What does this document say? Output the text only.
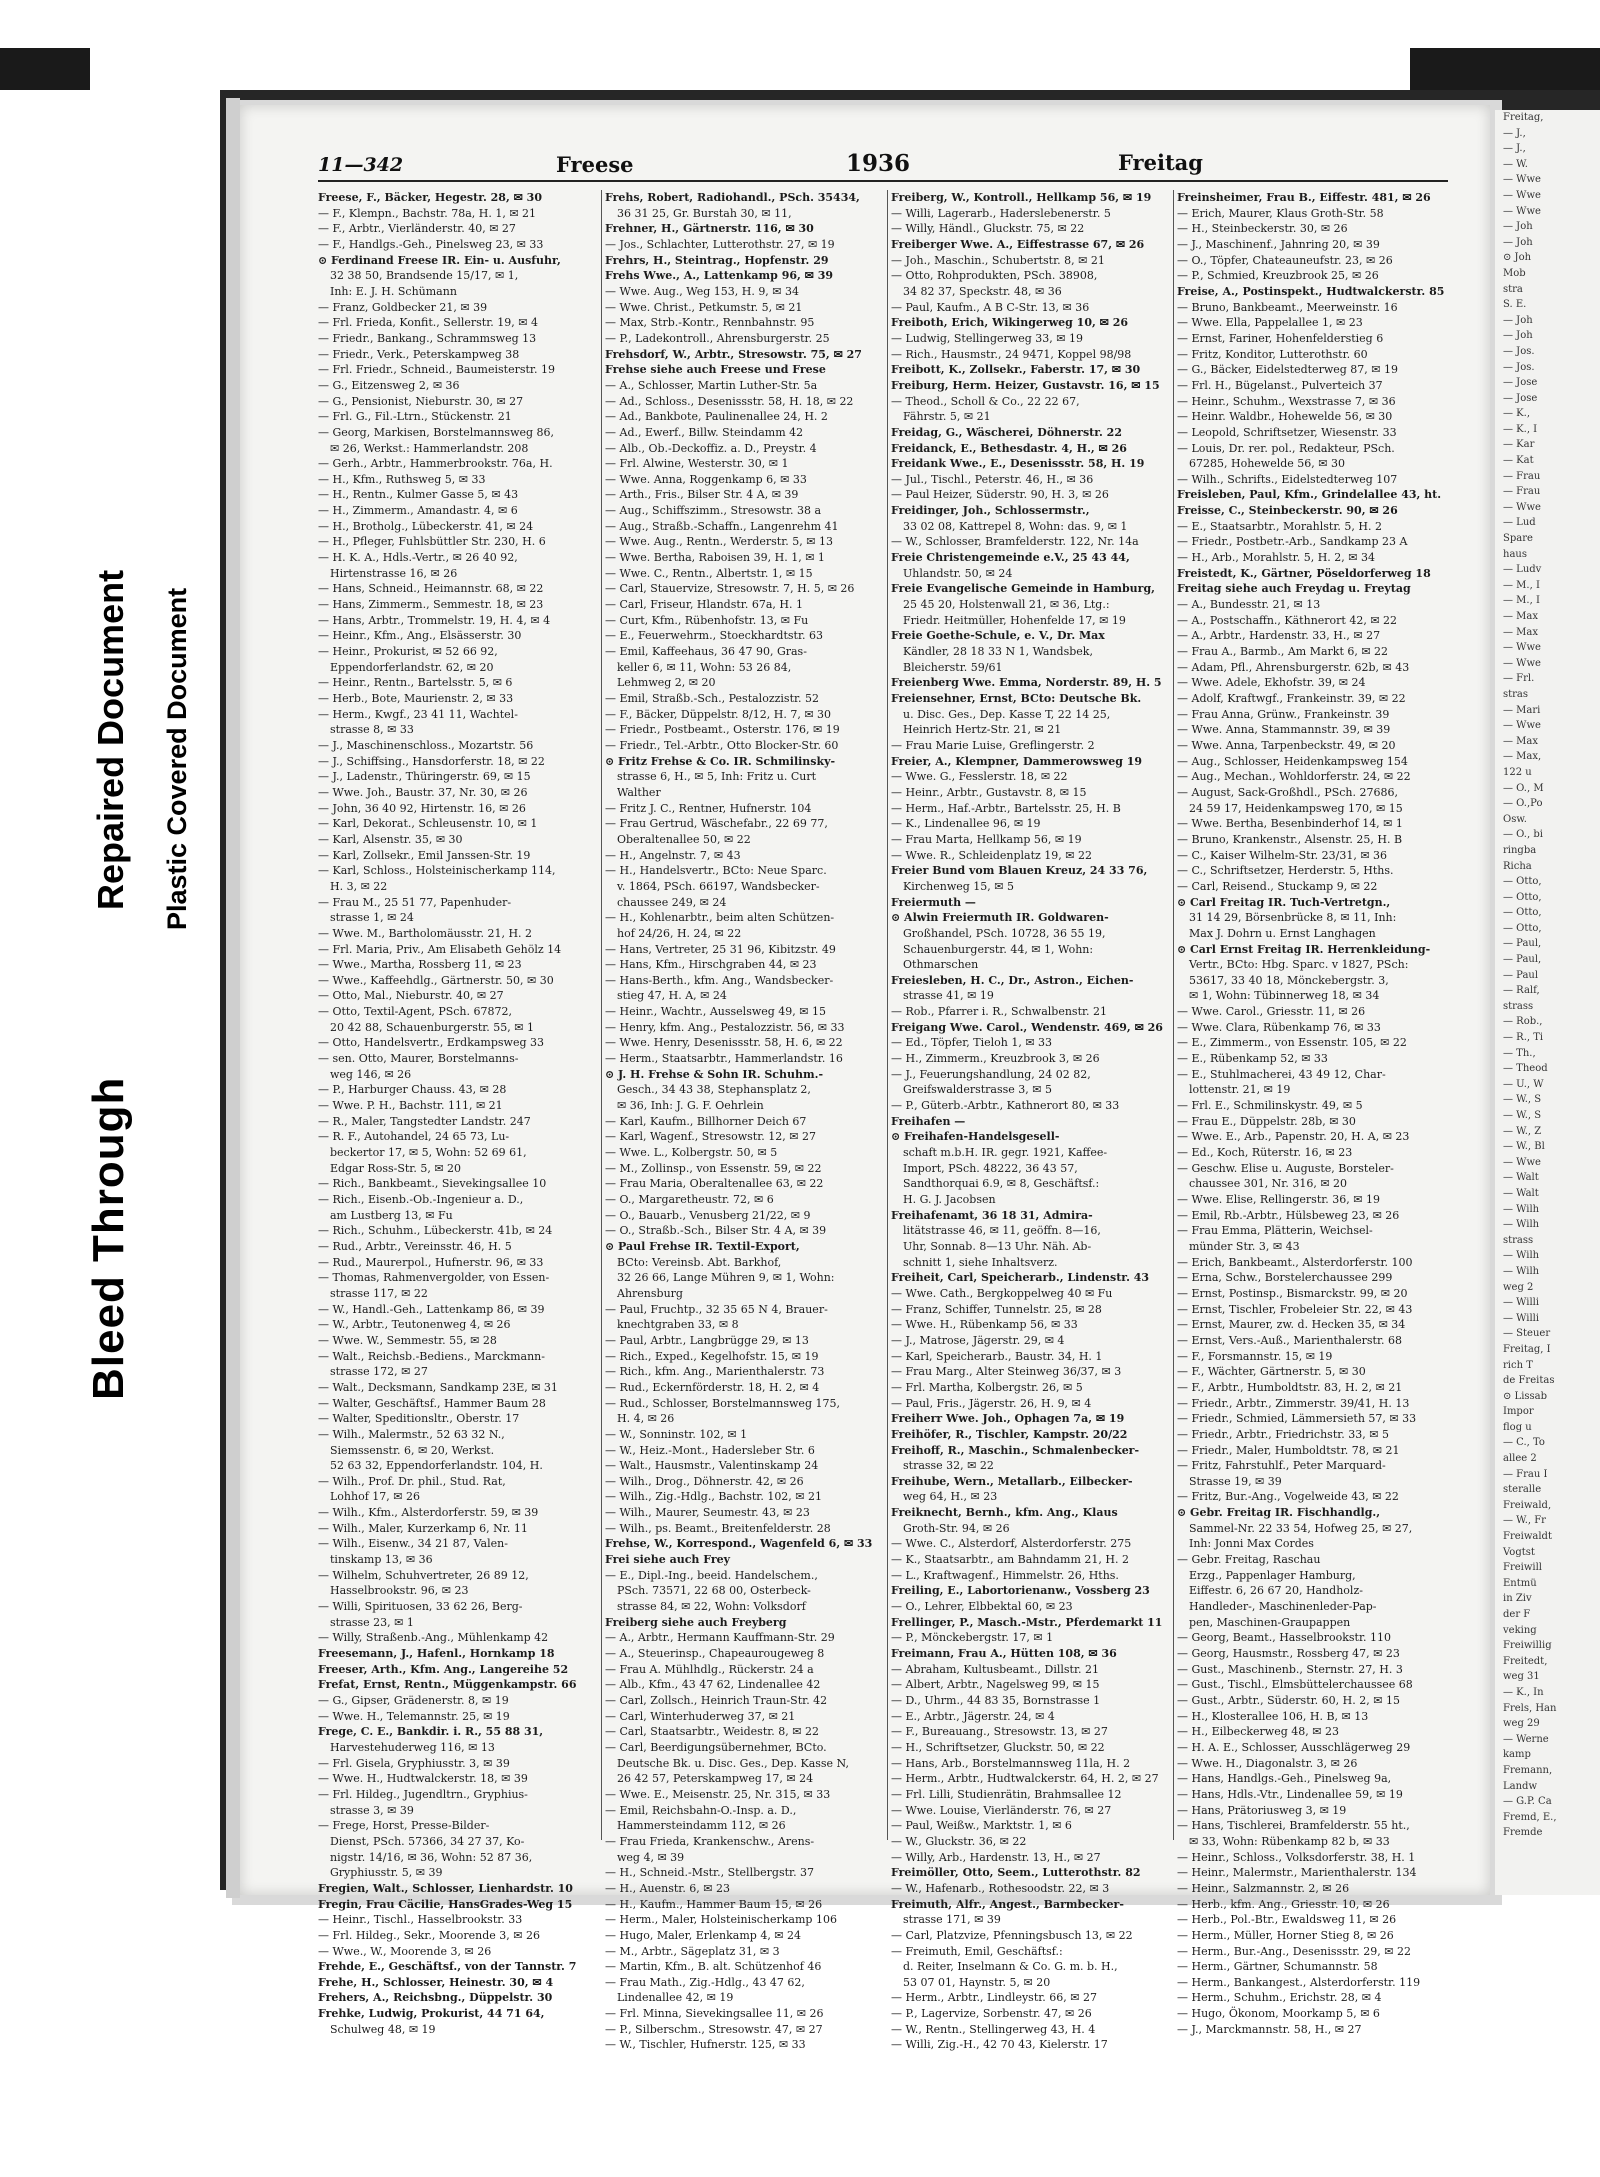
Freitag,
— J.,
— J.,
— W.
— Wwe
— Wwe
— Wwe
— Joh
— Joh
⊙ Joh
Mob
stra
S. E.
— Joh
— Joh
— Jos.
— Jos.
— Jose
— Jose
— K.,
— K., I
— Kar
— Kat
— Frau
— Frau
— Wwe
— Lud
Spare
haus
— Ludv
— M., I
— M., I
— Max
— Max
— Wwe
— Wwe
— Frl.
stras
— Mari
— Wwe
— Max
— Max,
122 u
— O., M
— O.,Po
Osw.
— O., bi
ringba
Richa
— Otto,
— Otto,
— Otto,
— Otto,
— Paul,
— Paul,
— Paul
— Ralf,
strass
— Rob.,
— R., Ti
— Th.,
— Theod
— U., W
— W., S
— W., S
— W., Z
— W., Bl
— Wwe
— Walt
— Walt
— Wilh
— Wilh
strass
— Wilh
— Wilh
weg 2
— Willi
— Willi
— Steuer
Freitag, I
rich T
de Freitas
⊙ Lissab
Impor
flog u
— C., To
allee 2
— Frau I
steralle
Freiwald,
— W., Fr
Freiwaldt
Vogtst
Freiwill
Entmü
in Ziv
der F
veking
Freiwillig
Freitedt,
weg 31
— K., In
Frels, Han
weg 29
— Werne
kamp
Fremann,
Landw
— G.P. Ca
Fremd, E.,
Fremde
Bleed Through
Repaired Document Plastic Covered Document
11—342	Freese	1936	Freitag
Freese, F., Bäcker, Hegestr. 28, ✉ 30
— F., Klempn., Bachstr. 78a, H. 1, ✉ 21
— F., Arbtr., Vierländerstr. 40, ✉ 27
— F., Handlgs.-Geh., Pinelsweg 23, ✉ 33
⊙ Ferdinand Freese IR. Ein- u. Ausfuhr,
32 38 50, Brandsende 15/17, ✉ 1,
Inh: E. J. H. Schümann
— Franz, Goldbecker 21, ✉ 39
— Frl. Frieda, Konfit., Sellerstr. 19, ✉ 4
— Friedr., Bankang., Schrammsweg 13
— Friedr., Verk., Peterskampweg 38
— Frl. Friedr., Schneid., Baumeisterstr. 19
— G., Eitzensweg 2, ✉ 36
— G., Pensionist, Nieburstr. 30, ✉ 27
— Frl. G., Fil.-Ltrn., Stückenstr. 21
— Georg, Markisen, Borstelmannsweg 86,
✉ 26, Werkst.: Hammerlandstr. 208
— Gerh., Arbtr., Hammerbrookstr. 76a, H.
— H., Kfm., Ruthsweg 5, ✉ 33
— H., Rentn., Kulmer Gasse 5, ✉ 43
— H., Zimmerm., Amandastr. 4, ✉ 6
— H., Brotholg., Lübeckerstr. 41, ✉ 24
— H., Pfleger, Fuhlsbüttler Str. 230, H. 6
— H. K. A., Hdls.-Vertr., ✉ 26 40 92,
Hirtenstrasse 16, ✉ 26
— Hans, Schneid., Heimannstr. 68, ✉ 22
— Hans, Zimmerm., Semmestr. 18, ✉ 23
— Hans, Arbtr., Trommelstr. 19, H. 4, ✉ 4
— Heinr., Kfm., Ang., Elsässerstr. 30
— Heinr., Prokurist, ✉ 52 66 92,
Eppendorferlandstr. 62, ✉ 20
— Heinr., Rentn., Bartelsstr. 5, ✉ 6
— Herb., Bote, Maurienstr. 2, ✉ 33
— Herm., Kwgf., 23 41 11, Wachtel-
strasse 8, ✉ 33
— J., Maschinenschloss., Mozartstr. 56
— J., Schiffsing., Hansdorferstr. 18, ✉ 22
— J., Ladenstr., Thüringerstr. 69, ✉ 15
— Wwe. Joh., Baustr. 37, Nr. 30, ✉ 26
— John, 36 40 92, Hirtenstr. 16, ✉ 26
— Karl, Dekorat., Schleusenstr. 10, ✉ 1
— Karl, Alsenstr. 35, ✉ 30
— Karl, Zollsekr., Emil Janssen-Str. 19
— Karl, Schloss., Holsteinischerkamp 114,
H. 3, ✉ 22
— Frau M., 25 51 77, Papenhuder-
strasse 1, ✉ 24
— Wwe. M., Bartholomäusstr. 21, H. 2
— Frl. Maria, Priv., Am Elisabeth Gehölz 14
— Wwe., Martha, Rossberg 11, ✉ 23
— Wwe., Kaffeehdlg., Gärtnerstr. 50, ✉ 30
— Otto, Mal., Nieburstr. 40, ✉ 27
— Otto, Textil-Agent, PSch. 67872,
20 42 88, Schauenburgerstr. 55, ✉ 1
— Otto, Handelsvertr., Erdkampsweg 33
— sen. Otto, Maurer, Borstelmanns-
weg 146, ✉ 26
— P., Harburger Chauss. 43, ✉ 28
— Wwe. P. H., Bachstr. 111, ✉ 21
— R., Maler, Tangstedter Landstr. 247
— R. F., Autohandel, 24 65 73, Lu-
beckertor 17, ✉ 5, Wohn: 52 69 61,
Edgar Ross-Str. 5, ✉ 20
— Rich., Bankbeamt., Sievekingsallee 10
— Rich., Eisenb.-Ob.-Ingenieur a. D.,
am Lustberg 13, ✉ Fu
— Rich., Schuhm., Lübeckerstr. 41b, ✉ 24
— Rud., Arbtr., Vereinsstr. 46, H. 5
— Rud., Maurerpol., Hufnerstr. 96, ✉ 33
— Thomas, Rahmenvergolder, von Essen-
strasse 117, ✉ 22
— W., Handl.-Geh., Lattenkamp 86, ✉ 39
— W., Arbtr., Teutonenweg 4, ✉ 26
— Wwe. W., Semmestr. 55, ✉ 28
— Walt., Reichsb.-Bediens., Marckmann-
strasse 172, ✉ 27
— Walt., Decksmann, Sandkamp 23E, ✉ 31
— Walter, Geschäftsf., Hammer Baum 28
— Walter, Speditionsltr., Oberstr. 17
— Wilh., Malermstr., 52 63 32 N.,
Siemssenstr. 6, ✉ 20, Werkst.
52 63 32, Eppendorferlandstr. 104, H.
— Wilh., Prof. Dr. phil., Stud. Rat,
Lohhof 17, ✉ 26
— Wilh., Kfm., Alsterdorferstr. 59, ✉ 39
— Wilh., Maler, Kurzerkamp 6, Nr. 11
— Wilh., Eisenw., 34 21 87, Valen-
tinskamp 13, ✉ 36
— Wilhelm, Schuhvertreter, 26 89 12,
Hasselbrookstr. 96, ✉ 23
— Willi, Spirituosen, 33 62 26, Berg-
strasse 23, ✉ 1
— Willy, Straßenb.-Ang., Mühlenkamp 42
Freesemann, J., Hafenl., Hornkamp 18
Freeser, Arth., Kfm. Ang., Langereihe 52
Frefat, Ernst, Rentn., Müggenkampstr. 66
— G., Gipser, Grädenerstr. 8, ✉ 19
— Wwe. H., Telemannstr. 25, ✉ 19
Frege, C. E., Bankdir. i. R., 55 88 31,
Harvestehuderweg 116, ✉ 13
— Frl. Gisela, Gryphiusstr. 3, ✉ 39
— Wwe. H., Hudtwalckerstr. 18, ✉ 39
— Frl. Hildeg., Jugendltrn., Gryphius-
strasse 3, ✉ 39
— Frege, Horst, Presse-Bilder-
Dienst, PSch. 57366, 34 27 37, Ko-
nigstr. 14/16, ✉ 36, Wohn: 52 87 36,
Gryphiusstr. 5, ✉ 39
Fregien, Walt., Schlosser, Lienhardstr. 10
Fregin, Frau Cäcilie, HansGrades-Weg 15
— Heinr., Tischl., Hasselbrookstr. 33
— Frl. Hildeg., Sekr., Moorende 3, ✉ 26
— Wwe., W., Moorende 3, ✉ 26
Frehde, E., Geschäftsf., von der Tannstr. 7
Frehe, H., Schlosser, Heinestr. 30, ✉ 4
Frehers, A., Reichsbng., Düppelstr. 30
Frehke, Ludwig, Prokurist, 44 71 64,
Schulweg 48, ✉ 19
Frehs, Robert, Radiohandl., PSch. 35434,
36 31 25, Gr. Burstah 30, ✉ 11,
Frehner, H., Gärtnerstr. 116, ✉ 30
— Jos., Schlachter, Lutterothstr. 27, ✉ 19
Frehrs, H., Steintrag., Hopfenstr. 29
Frehs Wwe., A., Lattenkamp 96, ✉ 39
— Wwe. Aug., Weg 153, H. 9, ✉ 34
— Wwe. Christ., Petkumstr. 5, ✉ 21
— Max, Strb.-Kontr., Rennbahnstr. 95
— P., Ladekontroll., Ahrensburgerstr. 25
Frehsdorf, W., Arbtr., Stresowstr. 75, ✉ 27
Frehse siehe auch Freese und Frese
— A., Schlosser, Martin Luther-Str. 5a
— Ad., Schloss., Desenissstr. 58, H. 18, ✉ 22
— Ad., Bankbote, Paulinenallee 24, H. 2
— Ad., Ewerf., Billw. Steindamm 42
— Alb., Ob.-Deckoffiz. a. D., Preystr. 4
— Frl. Alwine, Westerstr. 30, ✉ 1
— Wwe. Anna, Roggenkamp 6, ✉ 33
— Arth., Fris., Bilser Str. 4 A, ✉ 39
— Aug., Schiffszimm., Stresowstr. 38 a
— Aug., Straßb.-Schaffn., Langenrehm 41
— Wwe. Aug., Rentn., Werderstr. 5, ✉ 13
— Wwe. Bertha, Raboisen 39, H. 1, ✉ 1
— Wwe. C., Rentn., Albertstr. 1, ✉ 15
— Carl, Stauervize, Stresowstr. 7, H. 5, ✉ 26
— Carl, Friseur, Hlandstr. 67a, H. 1
— Curt, Kfm., Rübenhofstr. 13, ✉ Fu
— E., Feuerwehrm., Stoeckhardtstr. 63
— Emil, Kaffeehaus, 36 47 90, Gras-
keller 6, ✉ 11, Wohn: 53 26 84,
Lehmweg 2, ✉ 20
— Emil, Straßb.-Sch., Pestalozzistr. 52
— F., Bäcker, Düppelstr. 8/12, H. 7, ✉ 30
— Friedr., Postbeamt., Osterstr. 176, ✉ 19
— Friedr., Tel.-Arbtr., Otto Blocker-Str. 60
⊙ Fritz Frehse & Co. IR. Schmilinsky-
strasse 6, H., ✉ 5, Inh: Fritz u. Curt
Walther
— Fritz J. C., Rentner, Hufnerstr. 104
— Frau Gertrud, Wäschefabr., 22 69 77,
Oberaltenallee 50, ✉ 22
— H., Angelnstr. 7, ✉ 43
— H., Handelsvertr., BCto: Neue Sparc.
v. 1864, PSch. 66197, Wandsbecker-
chaussee 249, ✉ 24
— H., Kohlenarbtr., beim alten Schützen-
hof 24/26, H. 24, ✉ 22
— Hans, Vertreter, 25 31 96, Kibitzstr. 49
— Hans, Kfm., Hirschgraben 44, ✉ 23
— Hans-Berth., kfm. Ang., Wandsbecker-
stieg 47, H. A, ✉ 24
— Heinr., Wachtr., Ausselsweg 49, ✉ 15
— Henry, kfm. Ang., Pestalozzistr. 56, ✉ 33
— Wwe. Henry, Desenissstr. 58, H. 6, ✉ 22
— Herm., Staatsarbtr., Hammerlandstr. 16
⊙ J. H. Frehse & Sohn IR. Schuhm.-
Gesch., 34 43 38, Stephansplatz 2,
✉ 36, Inh: J. G. F. Oehrlein
— Karl, Kaufm., Billhorner Deich 67
— Karl, Wagenf., Stresowstr. 12, ✉ 27
— Wwe. L., Kolbergstr. 50, ✉ 5
— M., Zollinsp., von Essenstr. 59, ✉ 22
— Frau Maria, Oberaltenallee 63, ✉ 22
— O., Margaretheustr. 72, ✉ 6
— O., Bauarb., Venusberg 21/22, ✉ 9
— O., Straßb.-Sch., Bilser Str. 4 A, ✉ 39
⊙ Paul Frehse IR. Textil-Export,
BCto: Vereinsb. Abt. Barkhof,
32 26 66, Lange Mühren 9, ✉ 1, Wohn:
Ahrensburg
— Paul, Fruchtp., 32 35 65 N 4, Brauer-
knechtgraben 33, ✉ 8
— Paul, Arbtr., Langbrügge 29, ✉ 13
— Rich., Exped., Kegelhofstr. 15, ✉ 19
— Rich., kfm. Ang., Marienthalerstr. 73
— Rud., Eckernförderstr. 18, H. 2, ✉ 4
— Rud., Schlosser, Borstelmannsweg 175,
H. 4, ✉ 26
— W., Sonninstr. 102, ✉ 1
— W., Heiz.-Mont., Hadersleber Str. 6
— Walt., Hausmstr., Valentinskamp 24
— Wilh., Drog., Döhnerstr. 42, ✉ 26
— Wilh., Zig.-Hdlg., Bachstr. 102, ✉ 21
— Wilh., Maurer, Seumestr. 43, ✉ 23
— Wilh., ps. Beamt., Breitenfelderstr. 28
Frehse, W., Korrespond., Wagenfeld 6, ✉ 33
Frei siehe auch Frey
— E., Dipl.-Ing., beeid. Handelschem.,
PSch. 73571, 22 68 00, Osterbeck-
strasse 84, ✉ 22, Wohn: Volksdorf
Freiberg siehe auch Freyberg
— A., Arbtr., Hermann Kauffmann-Str. 29
— A., Steuerinsp., Chapeaurougeweg 8
— Frau A. Mühlhdlg., Rückerstr. 24 a
— Alb., Kfm., 43 47 62, Lindenallee 42
— Carl, Zollsch., Heinrich Traun-Str. 42
— Carl, Winterhuderweg 37, ✉ 21
— Carl, Staatsarbtr., Weidestr. 8, ✉ 22
— Carl, Beerdigungsübernehmer, BCto.
Deutsche Bk. u. Disc. Ges., Dep. Kasse N,
26 42 57, Peterskampweg 17, ✉ 24
— Wwe. E., Meisenstr. 25, Nr. 315, ✉ 33
— Emil, Reichsbahn-O.-Insp. a. D.,
Hammersteindamm 112, ✉ 26
— Frau Frieda, Krankenschw., Arens-
weg 4, ✉ 39
— H., Schneid.-Mstr., Stellbergstr. 37
— H., Auenstr. 6, ✉ 23
— H., Kaufm., Hammer Baum 15, ✉ 26
— Herm., Maler, Holsteinischerkamp 106
— Hugo, Maler, Erlenkamp 4, ✉ 24
— M., Arbtr., Sägeplatz 31, ✉ 3
— Martin, Kfm., B. alt. Schützenhof 46
— Frau Math., Zig.-Hdlg., 43 47 62,
Lindenallee 42, ✉ 19
— Frl. Minna, Sievekingsallee 11, ✉ 26
— P., Silberschm., Stresowstr. 47, ✉ 27
— W., Tischler, Hufnerstr. 125, ✉ 33
Freiberg, W., Kontroll., Hellkamp 56, ✉ 19
— Willi, Lagerarb., Haderslebenerstr. 5
— Willy, Händl., Gluckstr. 75, ✉ 22
Freiberger Wwe. A., Eiffestrasse 67, ✉ 26
— Joh., Maschin., Schubertstr. 8, ✉ 21
— Otto, Rohprodukten, PSch. 38908,
34 82 37, Speckstr. 48, ✉ 36
— Paul, Kaufm., A B C-Str. 13, ✉ 36
Freiboth, Erich, Wikingerweg 10, ✉ 26
— Ludwig, Stellingerweg 33, ✉ 19
— Rich., Hausmstr., 24 9471, Koppel 98/98
Freibott, K., Zollsekr., Faberstr. 17, ✉ 30
Freiburg, Herm. Heizer, Gustavstr. 16, ✉ 15
— Theod., Scholl & Co., 22 22 67,
Fährstr. 5, ✉ 21
Freidag, G., Wäscherei, Döhnerstr. 22
Freidanck, E., Bethesdastr. 4, H., ✉ 26
Freidank Wwe., E., Desenissstr. 58, H. 19
— Jul., Tischl., Peterstr. 46, H., ✉ 36
— Paul Heizer, Süderstr. 90, H. 3, ✉ 26
Freidinger, Joh., Schlossermstr.,
33 02 08, Kattrepel 8, Wohn: das. 9, ✉ 1
— W., Schlosser, Bramfelderstr. 122, Nr. 14a
Freie Christengemeinde e.V., 25 43 44,
Uhlandstr. 50, ✉ 24
Freie Evangelische Gemeinde in Hamburg,
25 45 20, Holstenwall 21, ✉ 36, Ltg.:
Friedr. Heitmüller, Hohenfelde 17, ✉ 19
Freie Goethe-Schule, e. V., Dr. Max
Kändler, 28 18 33 N 1, Wandsbek,
Bleicherstr. 59/61
Freienberg Wwe. Emma, Norderstr. 89, H. 5
Freiensehner, Ernst, BCto: Deutsche Bk.
u. Disc. Ges., Dep. Kasse T, 22 14 25,
Heinrich Hertz-Str. 21, ✉ 21
— Frau Marie Luise, Greflingerstr. 2
Freier, A., Klempner, Dammerowsweg 19
— Wwe. G., Fesslerstr. 18, ✉ 22
— Heinr., Arbtr., Gustavstr. 8, ✉ 15
— Herm., Haf.-Arbtr., Bartelsstr. 25, H. B
— K., Lindenallee 96, ✉ 19
— Frau Marta, Hellkamp 56, ✉ 19
— Wwe. R., Schleidenplatz 19, ✉ 22
Freier Bund vom Blauen Kreuz, 24 33 76,
Kirchenweg 15, ✉ 5
Freiermuth —
⊙ Alwin Freiermuth IR. Goldwaren-
Großhandel, PSch. 10728, 36 55 19,
Schauenburgerstr. 44, ✉ 1, Wohn:
Othmarschen
Freiesleben, H. C., Dr., Astron., Eichen-
strasse 41, ✉ 19
— Rob., Pfarrer i. R., Schwalbenstr. 21
Freigang Wwe. Carol., Wendenstr. 469, ✉ 26
— Ed., Töpfer, Tieloh 1, ✉ 33
— H., Zimmerm., Kreuzbrook 3, ✉ 26
— J., Feuerungshandlung, 24 02 82,
Greifswalderstrasse 3, ✉ 5
— P., Güterb.-Arbtr., Kathnerort 80, ✉ 33
Freihafen —
⊙ Freihafen-Handelsgesell-
schaft m.b.H. IR. gegr. 1921, Kaffee-
Import, PSch. 48222, 36 43 57,
Sandthorquai 6.9, ✉ 8, Geschäftsf.:
H. G. J. Jacobsen
Freihafenamt, 36 18 31, Admira-
litätstrasse 46, ✉ 11, geöffn. 8—16,
Uhr, Sonnab. 8—13 Uhr. Näh. Ab-
schnitt 1, siehe Inhaltsverz.
Freiheit, Carl, Speicherarb., Lindenstr. 43
— Wwe. Cath., Bergkoppelweg 40 ✉ Fu
— Franz, Schiffer, Tunnelstr. 25, ✉ 28
— Wwe. H., Rübenkamp 56, ✉ 33
— J., Matrose, Jägerstr. 29, ✉ 4
— Karl, Speicherarb., Baustr. 34, H. 1
— Frau Marg., Alter Steinweg 36/37, ✉ 3
— Frl. Martha, Kolbergstr. 26, ✉ 5
— Paul, Fris., Jägerstr. 26, H. 9, ✉ 4
Freiherr Wwe. Joh., Ophagen 7a, ✉ 19
Freihöfer, R., Tischler, Kampstr. 20/22
Freihoff, R., Maschin., Schmalenbecker-
strasse 32, ✉ 22
Freihube, Wern., Metallarb., Eilbecker-
weg 64, H., ✉ 23
Freiknecht, Bernh., kfm. Ang., Klaus
Groth-Str. 94, ✉ 26
— Wwe. C., Alsterdorf, Alsterdorferstr. 275
— K., Staatsarbtr., am Bahndamm 21, H. 2
— L., Kraftwagenf., Himmelstr. 26, Hths.
Freiling, E., Labortorienanw., Vossberg 23
— O., Lehrer, Elbbektal 60, ✉ 23
Frellinger, P., Masch.-Mstr., Pferdemarkt 11
— P., Mönckebergstr. 17, ✉ 1
Freimann, Frau A., Hütten 108, ✉ 36
— Abraham, Kultusbeamt., Dillstr. 21
— Albert, Arbtr., Nagelsweg 99, ✉ 15
— D., Uhrm., 44 83 35, Bornstrasse 1
— E., Arbtr., Jägerstr. 24, ✉ 4
— F., Bureauang., Stresowstr. 13, ✉ 27
— H., Schriftsetzer, Gluckstr. 50, ✉ 22
— Hans, Arb., Borstelmannsweg 11la, H. 2
— Herm., Arbtr., Hudtwalckerstr. 64, H. 2, ✉ 27
— Frl. Lilli, Studienrätin, Brahmsallee 12
— Wwe. Louise, Vierländerstr. 76, ✉ 27
— Paul, Weißw., Marktstr. 1, ✉ 6
— W., Gluckstr. 36, ✉ 22
— Willy, Arb., Hardenstr. 13, H., ✉ 27
Freimöller, Otto, Seem., Lutterothstr. 82
— W., Hafenarb., Rothesoodstr. 22, ✉ 3
Freimuth, Alfr., Angest., Barmbecker-
strasse 171, ✉ 39
— Carl, Platzvize, Pfenningsbusch 13, ✉ 22
— Freimuth, Emil, Geschäftsf.:
d. Reiter, Inselmann & Co. G. m. b. H.,
53 07 01, Haynstr. 5, ✉ 20
— Herm., Arbtr., Lindleystr. 66, ✉ 27
— P., Lagervize, Sorbenstr. 47, ✉ 26
— W., Rentn., Stellingerweg 43, H. 4
— Willi, Zig.-H., 42 70 43, Kielerstr. 17
Freinsheimer, Frau B., Eiffestr. 481, ✉ 26
— Erich, Maurer, Klaus Groth-Str. 58
— H., Steinbeckerstr. 30, ✉ 26
— J., Maschinenf., Jahnring 20, ✉ 39
— O., Töpfer, Chateauneufstr. 23, ✉ 26
— P., Schmied, Kreuzbrook 25, ✉ 26
Freise, A., Postinspekt., Hudtwalckerstr. 85
— Bruno, Bankbeamt., Meerweinstr. 16
— Wwe. Ella, Pappelallee 1, ✉ 23
— Ernst, Fariner, Hohenfelderstieg 6
— Fritz, Konditor, Lutterothstr. 60
— G., Bäcker, Eidelstedterweg 87, ✉ 19
— Frl. H., Bügelanst., Pulverteich 37
— Heinr., Schuhm., Wexstrasse 7, ✉ 36
— Heinr. Waldbr., Hohewelde 56, ✉ 30
— Leopold, Schriftsetzer, Wiesenstr. 33
— Louis, Dr. rer. pol., Redakteur, PSch.
67285, Hohewelde 56, ✉ 30
— Wilh., Schrifts., Eidelstedterweg 107
Freisleben, Paul, Kfm., Grindelallee 43, ht.
Freisse, C., Steinbeckerstr. 90, ✉ 26
— E., Staatsarbtr., Morahlstr. 5, H. 2
— Friedr., Postbetr.-Arb., Sandkamp 23 A
— H., Arb., Morahlstr. 5, H. 2, ✉ 34
Freistedt, K., Gärtner, Pöseldorferweg 18
Freitag siehe auch Freydag u. Freytag
— A., Bundesstr. 21, ✉ 13
— A., Postschaffn., Käthnerort 42, ✉ 22
— A., Arbtr., Hardenstr. 33, H., ✉ 27
— Frau A., Barmb., Am Markt 6, ✉ 22
— Adam, Pfl., Ahrensburgerstr. 62b, ✉ 43
— Wwe. Adele, Ekhofstr. 39, ✉ 24
— Adolf, Kraftwgf., Frankeinstr. 39, ✉ 22
— Frau Anna, Grünw., Frankeinstr. 39
— Wwe. Anna, Stammannstr. 39, ✉ 39
— Wwe. Anna, Tarpenbeckstr. 49, ✉ 20
— Aug., Schlosser, Heidenkampsweg 154
— Aug., Mechan., Wohldorferstr. 24, ✉ 22
— August, Sack-Großhdl., PSch. 27686,
24 59 17, Heidenkampsweg 170, ✉ 15
— Wwe. Bertha, Besenbinderhof 14, ✉ 1
— Bruno, Krankenstr., Alsenstr. 25, H. B
— C., Kaiser Wilhelm-Str. 23/31, ✉ 36
— C., Schriftsetzer, Herderstr. 5, Hths.
— Carl, Reisend., Stuckamp 9, ✉ 22
⊙ Carl Freitag IR. Tuch-Vertretgn.,
31 14 29, Börsenbrücke 8, ✉ 11, Inh:
Max J. Dohrn u. Ernst Langhagen
⊙ Carl Ernst Freitag IR. Herrenkleidung-
Vertr., BCto: Hbg. Sparc. v 1827, PSch:
53617, 33 40 18, Mönckebergstr. 3,
✉ 1, Wohn: Tübinnerweg 18, ✉ 34
— Wwe. Carol., Griesstr. 11, ✉ 26
— Wwe. Clara, Rübenkamp 76, ✉ 33
— E., Zimmerm., von Essenstr. 105, ✉ 22
— E., Rübenkamp 52, ✉ 33
— E., Stuhlmacherei, 43 49 12, Char-
lottenstr. 21, ✉ 19
— Frl. E., Schmilinskystr. 49, ✉ 5
— Frau E., Düppelstr. 28b, ✉ 30
— Wwe. E., Arb., Papenstr. 20, H. A, ✉ 23
— Ed., Koch, Rüterstr. 16, ✉ 23
— Geschw. Elise u. Auguste, Borsteler-
chaussee 301, Nr. 316, ✉ 20
— Wwe. Elise, Rellingerstr. 36, ✉ 19
— Emil, Rb.-Arbtr., Hülsbeweg 23, ✉ 26
— Frau Emma, Plätterin, Weichsel-
münder Str. 3, ✉ 43
— Erich, Bankbeamt., Alsterdorferstr. 100
— Erna, Schw., Borstelerchaussee 299
— Ernst, Postinsp., Bismarckstr. 99, ✉ 20
— Ernst, Tischler, Frobeleier Str. 22, ✉ 43
— Ernst, Maurer, zw. d. Hecken 35, ✉ 34
— Ernst, Vers.-Auß., Marienthalerstr. 68
— F., Forsmannstr. 15, ✉ 19
— F., Wächter, Gärtnerstr. 5, ✉ 30
— F., Arbtr., Humboldtstr. 83, H. 2, ✉ 21
— Friedr., Arbtr., Zimmerstr. 39/41, H. 13
— Friedr., Schmied, Lämmersieth 57, ✉ 33
— Friedr., Arbtr., Friedrichstr. 33, ✉ 5
— Friedr., Maler, Humboldtstr. 78, ✉ 21
— Fritz, Fahrstuhlf., Peter Marquard-
Strasse 19, ✉ 39
— Fritz, Bur.-Ang., Vogelweide 43, ✉ 22
⊙ Gebr. Freitag IR. Fischhandlg.,
Sammel-Nr. 22 33 54, Hofweg 25, ✉ 27,
Inh: Jonni Max Cordes
— Gebr. Freitag, Raschau
Erzg., Pappenlager Hamburg,
Eiffestr. 6, 26 67 20, Handholz-
Handleder-, Maschinenleder-Pap-
pen, Maschinen-Graupappen
— Georg, Beamt., Hasselbrookstr. 110
— Georg, Hausmstr., Rossberg 47, ✉ 23
— Gust., Maschinenb., Sternstr. 27, H. 3
— Gust., Tischl., Elmsbüttelerchaussee 68
— Gust., Arbtr., Süderstr. 60, H. 2, ✉ 15
— H., Klosterallee 106, H. B, ✉ 13
— H., Eilbeckerweg 48, ✉ 23
— H. A. E., Schlosser, Ausschlägerweg 29
— Wwe. H., Diagonalstr. 3, ✉ 26
— Hans, Handlgs.-Geh., Pinelsweg 9a,
— Hans, Hdls.-Vtr., Lindenallee 59, ✉ 19
— Hans, Prätoriusweg 3, ✉ 19
— Hans, Tischlerei, Bramfelderstr. 55 ht.,
✉ 33, Wohn: Rübenkamp 82 b, ✉ 33
— Heinr., Schloss., Volksdorferstr. 38, H. 1
— Heinr., Malermstr., Marienthalerstr. 134
— Heinr., Salzmannstr. 2, ✉ 26
— Herb., kfm. Ang., Griesstr. 10, ✉ 26
— Herb., Pol.-Btr., Ewaldsweg 11, ✉ 26
— Herm., Müller, Horner Stieg 8, ✉ 26
— Herm., Bur.-Ang., Desenissstr. 29, ✉ 22
— Herm., Gärtner, Schumannstr. 58
— Herm., Bankangest., Alsterdorferstr. 119
— Herm., Schuhm., Erichstr. 28, ✉ 4
— Hugo, Ökonom, Moorkamp 5, ✉ 6
— J., Marckmannstr. 58, H., ✉ 27
